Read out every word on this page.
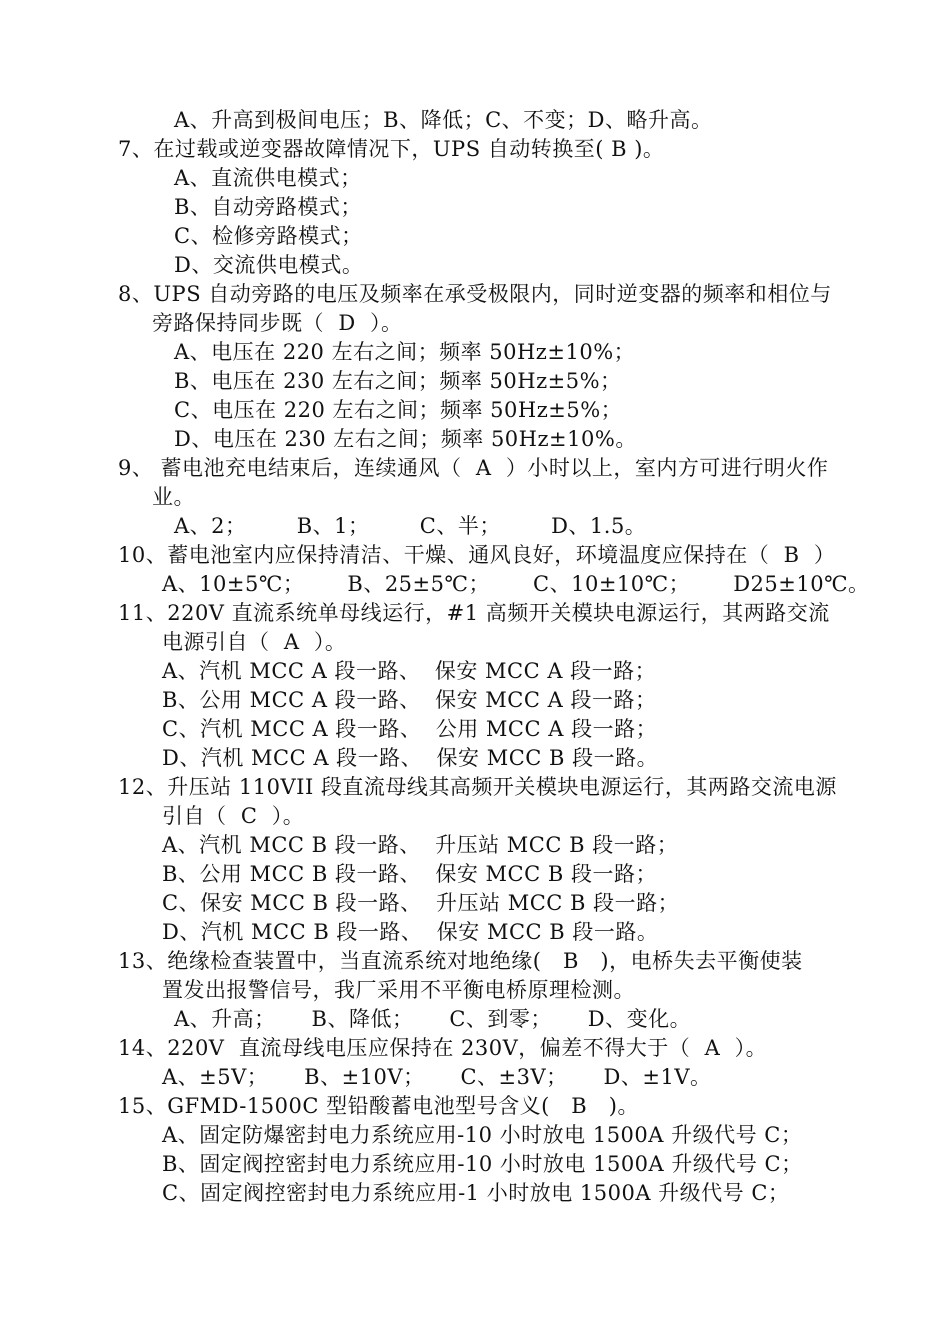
A、升高到极间电压；B、降低；C、不变；D、略升高。
7、在过载或逆变器故障情况下，UPS 自动转换至( B )。
A、直流供电模式；
B、自动旁路模式；
C、检修旁路模式；
D、交流供电模式。
8、UPS 自动旁路的电压及频率在承受极限内，同时逆变器的频率和相位与
旁路保持同步既（  D  ）。
A、电压在 220 左右之间；频率 50Hz±10%；
B、电压在 230 左右之间；频率 50Hz±5%；
C、电压在 220 左右之间；频率 50Hz±5%；
D、电压在 230 左右之间；频率 50Hz±10%。
9、 蓄电池充电结束后，连续通风（  A  ）小时以上，室内方可进行明火作
业。
A、2；       B、1；       C、半；       D、1.5。
10、蓄电池室内应保持清洁、干燥、通风良好，环境温度应保持在（  B  ）
A、10±5℃；      B、25±5℃；      C、10±10℃；      D25±10℃。
11、220V 直流系统单母线运行，#1 高频开关模块电源运行，其两路交流
电源引自（  A  ）。
A、汽机 MCC A 段一路、  保安 MCC A 段一路；
B、公用 MCC A 段一路、  保安 MCC A 段一路；
C、汽机 MCC A 段一路、  公用 MCC A 段一路；
D、汽机 MCC A 段一路、  保安 MCC B 段一路。
12、升压站 110VII 段直流母线其高频开关模块电源运行，其两路交流电源
引自（  C  ）。
A、汽机 MCC B 段一路、  升压站 MCC B 段一路；
B、公用 MCC B 段一路、  保安 MCC B 段一路；
C、保安 MCC B 段一路、  升压站 MCC B 段一路；
D、汽机 MCC B 段一路、  保安 MCC B 段一路。
13、绝缘检查装置中，当直流系统对地绝缘(   B   )，电桥失去平衡使装
置发出报警信号，我厂采用不平衡电桥原理检测。
A、升高；     B、降低；     C、到零；     D、变化。
14、220V  直流母线电压应保持在 230V，偏差不得大于（  A  ）。
A、±5V；     B、±10V；     C、±3V；     D、±1V。
15、GFMD-1500C 型铅酸蓄电池型号含义(   B   )。
A、固定防爆密封电力系统应用-10 小时放电 1500A 升级代号 C；
B、固定阀控密封电力系统应用-10 小时放电 1500A 升级代号 C；
C、固定阀控密封电力系统应用-1 小时放电 1500A 升级代号 C；
